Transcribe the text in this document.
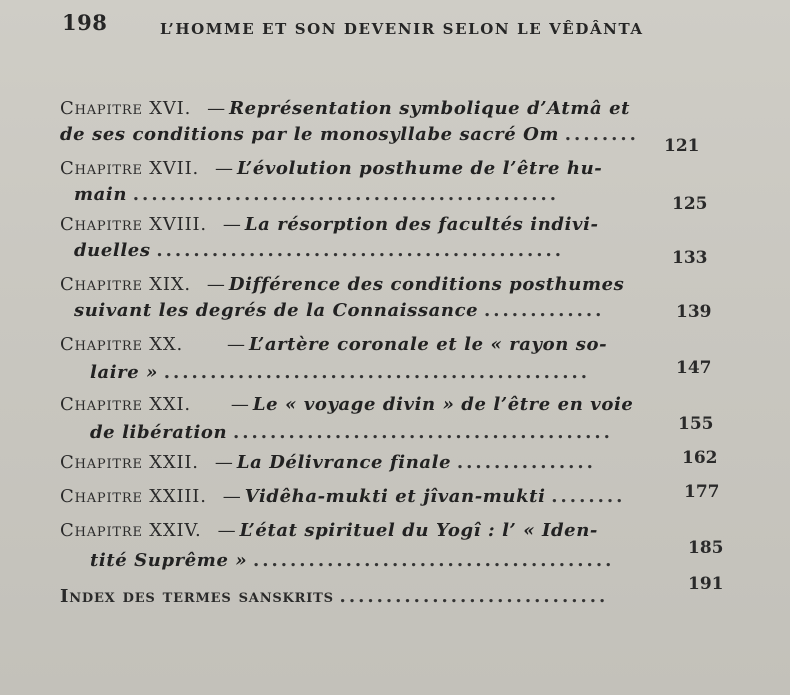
198	L’HOMME ET SON DEVENIR SELON LE VÊDÂNTA
Chapitre XVI. — Représentation symbolique d’Atmâ et
de ses conditions par le monosyllabe sacré Om ........
121
Chapitre XVII. — L’évolution posthume de l’être hu-
main ..............................................	125
Chapitre XVIII. — La résorption des facultés indivi-
duelles ............................................	133
Chapitre XIX. — Différence des conditions posthumes
suivant les degrés de la Connaissance .............	139
Chapitre XX. — L’artère coronale et le « rayon so-
laire » ..............................................	147
Chapitre XXI. — Le « voyage divin » de l’être en voie
de libération .........................................	155
Chapitre XXII. — La Délivrance finale ...............	162
Chapitre XXIII. — Vidêha-mukti et jîvan-mukti ........	177
Chapitre XXIV. — L’état spirituel du Yogî : l’ « Iden-
tité Suprême » .......................................
185
Index des termes sanskrits .............................
191
